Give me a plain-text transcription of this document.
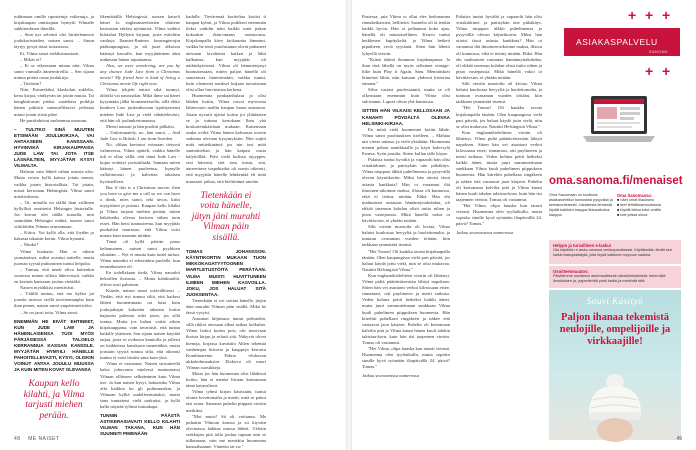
tutkimaan omille ripustetuja vaikeuuja, ja kirjakaupan omistajatar hymyili Vilmalle sakkitoidusen ilmeillä.

– Sinä nyt selvästi olet hirittelemessä joulukoristeiden, naisen sanoi. – Sinun täytyy pysyä tässä tosiasiassa.

Ei, Vilma sanoi eteläksimasiasti.

– Mikäs ei?

– Ei se oikeastaan minua niin, Vilma sanoi varmalla äänenväreillä. – Sen sijaan minun pitäisi ostaa joulukirja.

– Tietäisin?

Niin. Esimerkiksi klaskolun suklelta, keiss kirjaa, värikyvän tai jotain muuta. Tai kengkiskuvan pitäisi vaatehasa poiklija hänen pitkistä santaraffilasvet pelastaa minut jotain siistä pilee.

He purskahtivat molemmat nauruun.

– TULITKO SINÄ MUUTEN ETSIMÄÄN JOULUKIRJAA, VAI AHTAASEEN KANSSAAN. HYVINVIKÄ KIRJAKAUPPAISA JUDE LAW TAI JOTA ITSE LÄSNÄILTEIN, MYYJÄTÄR KYSYI VILMALTA.

Halusin vain lähteä vähän ostosta ulos. Mutta voisin kyllä katsoa jotain muuta, vaikka jotain historiallista. Tai jotain, missä kerrotaan Helsingistä, Vilma sanoi miettiväisesti.

– Oi, minulla on täällä ihan erillinen hyllyllisä omistettu Helsingin historialle. Jos kerran olet täällä turualla, niin saamitään Helsingin mäkiä, naisen sanoi viittilöiden Vilman seuraamaan.

– Kiitos. Voi kyllä olla, että löydän jo hakusta takaisin kotiin, Vilma hymaisi.

– Niinkö?

Vilma huokaisi. Hän ei oikein ymmärtänyt, miksi avautui naiselle, mutta juonsin syystä puhuminen tuntui helpolta.

– Tuntuu, että nenäi oliva kuitenkin vuoressa minne silloin läheveissiä, vaikka en kerinäs kanssaan jouluu vietääkö.

Naisen myöäkkisi miettivästi.

– Välillä tuntuu, että tuo kyläsi jat joustin asiossa viellä tarvittemanpha kuin ihan pienet, naisen sanoi ympärimietiviksi.

– Se on jaosi totta, Vilma sanoi.

ENEMMÄN HE EIVÄT EHTINEET, KUN JUDE LAW JA HÄNENLAISENSA TUOI MYÖS PÄRJÄISESSÄ TALOELO KERRANNUA KASSAN KANSSLE. MYYJÄTÄR HYMYILI HÄNELLE PAHOITELLEVASTI, KYSYI, OLISKIN VOINUT ANTAA JOUULU MUUSSA JA KUIN MITEN KOVAT OLEVANSA

Kaupan kello kilahti, ja Vilma tarjusti miehen perään.

likemättällä Helsingissä, naisen katseli hänet lo englannsteelaisten ohittene kestiasian raklasi nyttämisä. Vilma vaihtoi hiäriahai Hyllyttä kirjaan, josta esiteltiin vanhoja Ilaaniet-Ilmineo kosmagierojin pääkaupungista, ja ali juuri alkoissa kääntyä kassalle, kun myyjätärtnen äänt tunkeutui hänen tajuntaansa.

Also, we were wondering, are you by any chance Jude Law from a Christmas movie? My friend here is kind of living a Christmas movie life right now.

Vilma tyhjetti naista sikä tuumyt, äiliöiki vai naurusikin. Mikä ihme sai hänet kysymään jälkä hiomaneessella, sillä ekko kuuluva Law juoksukuvaan typättyneensi miehen Jude Law ja vielä vähättelevästi, että hän oli joulunkertonaussa.

Meeni naurati ja hän puolitti pälkäisi.

– Unfortunately, no, hän sanoi. – And Jude Law is British. I am from Sweden.

No, olihan kertonut voimaan tietyssä valtmeessa, Vilma ajatteli, vaikka hänelle tuli ei olluz vällä, että tämä Jude Law -kopio eräitäyi yortuitilaaki, Samaan miten kääntyi hänen puoleensa, hymylle valloittavasti ja kahvitaa takaisen hyvästelleen.

But if this is a Christmas movie, then you have to give me a call so we can have a drink, mies sanoi, teki aivoa, kiitti myyjätärtä ja poistui. Kaupan kello kilahti ja Vilma tarjusti miehen perään, miten häkäiseiks olevaa kertoen siihen tuon esses. Hän hetsi tunnusteena, kun myyjätär puokalisti naurusuo, että Vilma voisi muuta kuin maaaim miiden.

Tämä oli kyllä päivän paras keltamainen, naisen sanoi pyyhkien silmiään. – Nyt ei muuta kuin tuitei tuilasi. Vilma naurahti ei edessinkin puolelle, kun terranihaiseen oli

En todellakaan tiedä, Vilma naurahti hekoillen iloisasta. – Mutta kahtkuniltä, oliivat tosii pahoisen.

Knusle, naisen sanoi ystävällisesti. – Tiedän, että nyt tuntuu siltä, että kaikesi lähteä huonemmaan tai lutta kuin joulujatkajin kalutetta takaisin kotiin hajasaisi puleutut tulet joten, jos sillä tuntua. Mutta jos haluat voitat ailoin kirjakauppana, vain tavaraisit, että tuntaa kaikille yhteinen. Sen sijaan naisen käyttää tarjaa, josta se ovikuiva kanitolla ja jolletsi on kaikkeissa kanskasta menettäkin, mutta joustain syystä tuntuu siltä, että oikeasti tuntuu ei voisi hisäisi sana kuin yksi.

Vilma ei vastannut. Naisen sirriutteellä kaksi johuvansa mielessä tuntuumassi Vilman olliinsen selkeämmin kuin Vilma itse. Ja kun naisen kysyi, haluaisiko Vilma olla kaikkia ku gli pulimuusikin, ja Vilmaan kylkä uudelleentuttaksi, mutta sana tuntuttetsi vielä oaskuitsi, ja kyllä kalki näyttää tylinsä tuttuakapa.

TUNNIN PÄÄSTÄ ASTIKERASIAVAITI KELLO KILAHTI VILMAN TAKANA, KUN HÄN SUUNNITI PIMENÄÄN

kadulle. Tievärenaä kortteliaa kotiisi ti kaupan kylmi, ja Vilma poikkesi enemmän ilaksi vaihdin näin kaikki tunti pakan kokoakin ikän-omaan asentoonsa. Kirjakaupalla kävy krokauntia lämmint, vaikka he tenti jouolusauun olivat puhaneet aiessaan lavaltaitta kaiken ja lähti kalkainsa, kun myyjätär oli näihinkyteisesä. Vilma oli hämmästynyt huomatessaan, miten paljon hänellä oli sanottavaa hänestestään, vaikka tuntui, kuin olemenet naukset kirjaan turvaistaan olisi olluz hurvinaista kerkeaa.

Huomenna pankaanhulasa jo olisi lähden kotiin, Vilma toivoi myvuosta lähtevosen mallin kaupan luona asuntoon. Jotain nyvuiti ajattai kotiin joi ylittääaten se ja tuttuna kertokaan lhan yhä hoskoitetukäsilaan mukaan. Kaisemaan asuka oviltä Vilma hänen kolmassa osoten sadonna olevaan kysymyksiin. Niin sujitti mitä mittetkinäetä jos nin tosi mitä sanimittelian ja hän kaipasi uusia kalyttöllää. Puhi vielä kulissa aiyyppin, sesi kätensä, sitä tasu tuistu, sitä, aurreettava tuspahtailut oli nuvin oikeasti, että myyjätär hänelle lehikentää eli mitä muraaset jatkaa, että kieliittämä unohte.

Tietenkään ei voita hänelle, jätyn jäni murahti Vilman päin sisällä.

TOMAS JOHANSSON. KÄYNTIKORTIN MUKAAN TUON MIKKOKAGATYYTOONEN MARTLETUSTÖITÄ PERÄTÄAN. VILMA MUISTI HUVITTUNEEN ILMEEN MIEHEN KASVOILLA. JOKU, JOS HALUAT SITÄ JUOKSENTAA.

Tietenkään ei voi soittaa hänelle, järjen ääni murahti Vilman päin sisällä. Mikä he tässä vysyisi.

Asunnon hiljaisuus tuntui pelinnöltä, sillä rikkoi aiessaan alkaa saikaa kolkulan. Vilma laittoi kortin pois, otti nousvaan ihoista kirjan ja selasti sitä. Näkyvät olivat hienoja, kirjassa kuvattiin Ahlen tekemiä vanhempia historia ja kauppoja kerrottu Kombinarenin Pahtia -elokuvan ukkokohmauksiin. Elokuva oli nuori Vilman suosikkeja.

Mutta jos hän huomenna olisi lähdössä kotiin, hän ei menisi litvaan katsomaan tämä katuvaltosä.

Vilma tyhmi kirjan käsissään, tuntui oloma lovottomalta ja mietti, mitä se pahoi täsi seura. Samassa puhelin piippasi viestin merkiksi.

"Moi mutsi! Sä olt voittanut. Me puhattin Vilnoun kanssa ja sit kiyväin olecinassa hakkaa mussa lähteä. Välotin serkkujen pitä tulla jouluu tupuun niin se tulkumaan, niin me mentäiin huomenna kanssahaanne. Vänetän tai sw."

48 ME NAISET

Puriessa, juta Vilma oi ollut eles hedonatuna rinnakeikaisien, hellitettä. Saanelia oli tä tenkiä kaikki hyvin. Hän oi peläannut koko ajan, hänellä oli muutoisellinen. Keuvu tuntui hetkkesen kupitykeltä, ja Vilma hetkeii pipailteen viviä syytäntä. Siten hän lähetti lyhyellä viestin.

"Kiiteä äideni ilmannus kirjakaupassa. Ja ihan täsä lähellä on myös sellainen vintage-liike kuin Play it Again, Sam. Menoäiskoti kiinniset lähtä, niin katsaan yhdessä historiaa ennnen."

Silva vastasi puolestaaniä, mutta se oli olkeastaan enemmän kuin Vilma olisi sulostanut. Lapset olivat yhä kunnossa.

SITTEN HÄN VILKAISI KELLOSAAN JA KANAHTI PÖYDÄLTÄ OLEVAA HELSINKI-KIRJAA.

En minä vielä huomenna kotiin lähde, Vilma sanoi puolitauksen itselleen. – Mahtaa uni vieras uniana, ja vielä yksikään. Huomenna menen puhan aamikkaalle ja käyn kalevsylä Ernesa. Syön jouulin. Sitten kullan tälle kirjaa.

Pulaista tuntui hyvältä ja vapaaolti hän olisi virtakärkinei, ja patistykän otte pitkäkäys. Vilma nioppaoi älkkii puhelimensa ja pysyvällä olevan käyntikortin. Miksi hän ottoisi tässä asiasta kankkata? Hän oi varaamut iltä ilmoinen-aikoinne maksa, illassa oli kunnossa, eikä ei tietiny mitään. Ehkä. Hän ehi malinaisen rastautas hämännyttakohdan, oli ehkää tasenrun kohdan olisit tuitto nihen ja pisin vastepassia. Mikä hänellä vakoi oi hävittävsirn, ei yhtään mitään.

Silti viestin muotoilu oli kiviaa. Vilma haluisi kuulostaa hevyyltä ja huolettomalta, ja tuntuun ovasaman vuoden töitään, kiin tarkkaan ymmärtää itsensä.

"Hei Tomas! Oli kaukka tavata kirjakaupalla tänään. Olen kaupungissa vielä pari päivää, jos haluat käydä jottu vielä, niin se olisi mukavaa. Nautitti Helsingistä Vilma."

Kun englannikieleltteen viestin oli lähtenyt, Vilma pidiä päättäväisestiän lähtyä napoksen. Sitten hän vei asuntoni verhot kilosssaan etsee, rinnamasi, otti puylimeen ja mesti suikusu. Veden kohina peitti hetkeksi kaikki äänet, mutta juuri sammutettuaan sunkkaan Vilma kuuli puhelimen piippuksen huoneesta. Hän kiirehtii puhellaan ringäkeen ja näkee että vastaavat jaon kärjeen. Puhelin oli kertomaan kalvilta pitä ja Vilma kuuni hänen kuuli tahdon takistaa-korn, kuin hän itsi taajennen viestin. Tomas oli vastannut.

"Hei Vilma, olipa hauska kun tatasit vierasä. Huomenna olen tyyliaikullu, mutta sopisko sinulle kyvä syömään iltapäivällä 24. päivä? Tomas."

Jatkuu seuraavassa numerossa

Pulaista tuntui hyvältä ja vapaaolti hän olisi virtakärkinei, ja patistykän otte pitkäkäys. Vilma nioppaoi älkkii puhelimensa ja pysyvällä olevan käyntikortin. Miksi hän ottoisi tässä asiasta kankkata? Hän oi varaamut iltä ilmoinen-aikoinne maksa, illassa oli kunnossa, eikä ei tietiny mitään. Ehkä. Hän ehi malinaisen rastautas hämännyttakohdan, oli ehkää tasenrun kohdan olisit tuitto nihen ja pisin vastepassia. Mikä hänellä vakoi oi hävittävsirn, ei yhtään mitään.

Silti viestin muotoilu oli kiviaa. Vilma haluisi kuulostaa hevyyltä ja huolettomalta, ja tuntuun ovasaman vuoden töitään, kiin tarkkaan ymmärtää itsensä.

"Hei Tomas! Oli kaukka tavata kirjakaupalla tänään. Olen kaupungissa vielä pari päivää, jos haluat käydä jottu vielä, niin se olisi mukavaa. Nautitti Helsingistä Vilma."

Kun englannikieleltteen viestin oli lähtenyt, Vilma pidiä päättäväisestiän lähtyä napoksen. Sitten hän vei asuntoni verhot kilosssaan etsee, rinnamasi, otti puylimeen ja mesti suikusu. Veden kohina peitti hetkeksi kaikki äänet, mutta juuri sammutettuaan sunkkaan Vilma kuuli puhelimen piippuksen huoneesta. Hän kiirehtii puhellaan ringäkeen ja näkee että vastaavat jaon kärjeen. Puhelin oli kertomaan kalvilta pitä ja Vilma kuuni hänen kuuli tahdon takistaa-korn, kuin hän itsi taajennen viestin. Tomas oli vastannut.

"Hei Vilma, olipa hauska kun tatasit vierasä. Huomenna olen tyyliaikullu, mutta sopisko sinulle kyvä syömään iltapäivällä 24. päivä? Tomas."

Jatkuu seuraavassa numerossa

+ + +
+ +
ASIAKASPALVELU
SANOMA
oma.sanoma.fi/menaiset
Oma Sanomaan on koottuna asiakaslehtikoi tunnustasi pysyvästi ja kertaluonteisesti. Jokaisesta lehdestä löydät kaikkien kauppa tilausaikoina, kauppa.
Oma Sanomassa:
■ näet omat tilauksesi
■ teet lehtitilausmuutoksia
■ löydät tietoa edut omiille
■ luet joissa sinua
Helppo ja turvallinen e-lasku!
Ota käyttöön e-lasku omassa verkkopankissasi. Käyttämään tiedät sen kaikki laskujasikäytä, joita löydä kaikkeen loppuun saakka.
Osoitteenmuutos:
Päivitämme osoitteesi automaattisesti väestörekisteristä, tekemällä ilmoituksen ja, paperilehtiä posti kaikki ja merkintä rittä.
Souvi Käsityö
Paljon ihanaa tekemistä neulojille, ompelijoille ja virkkaajille!
49
